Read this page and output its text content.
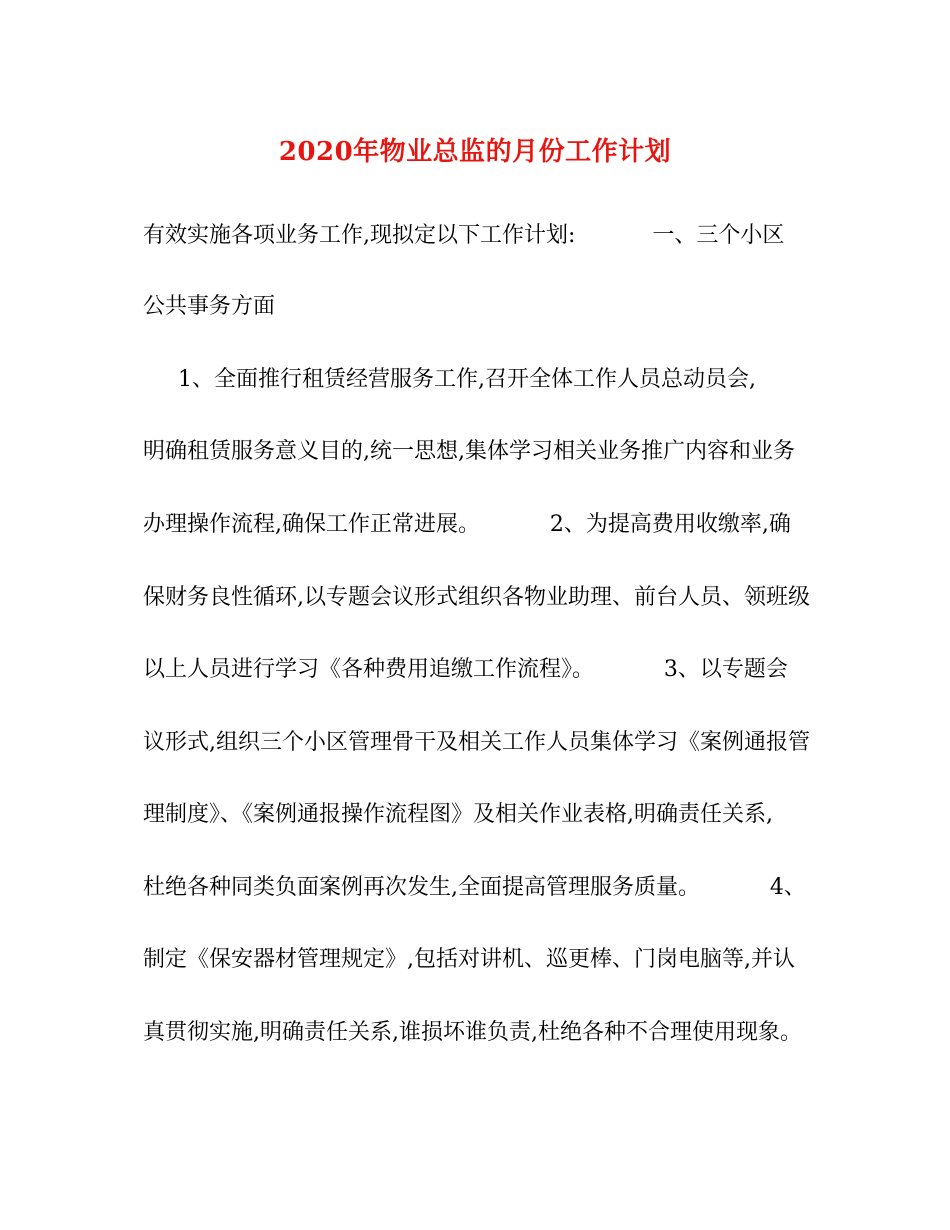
2020年物业总监的月份工作计划
有效实施各项业务工作,现拟定以下工作计划:           一、三个小区
公共事务方面
1、全面推行租赁经营服务工作,召开全体工作人员总动员会,
明确租赁服务意义目的,统一思想,集体学习相关业务推广内容和业务
办理操作流程,确保工作正常进展。          2、为提高费用收缴率,确
保财务良性循环,以专题会议形式组织各物业助理、前台人员、领班级
以上人员进行学习《各种费用追缴工作流程》。          3、以专题会
议形式,组织三个小区管理骨干及相关工作人员集体学习《案例通报管
理制度》、《案例通报操作流程图》及相关作业表格,明确责任关系,
杜绝各种同类负面案例再次发生,全面提高管理服务质量。          4、
制定《保安器材管理规定》,包括对讲机、巡更棒、门岗电脑等,并认
真贯彻实施,明确责任关系,谁损坏谁负责,杜绝各种不合理使用现象。
